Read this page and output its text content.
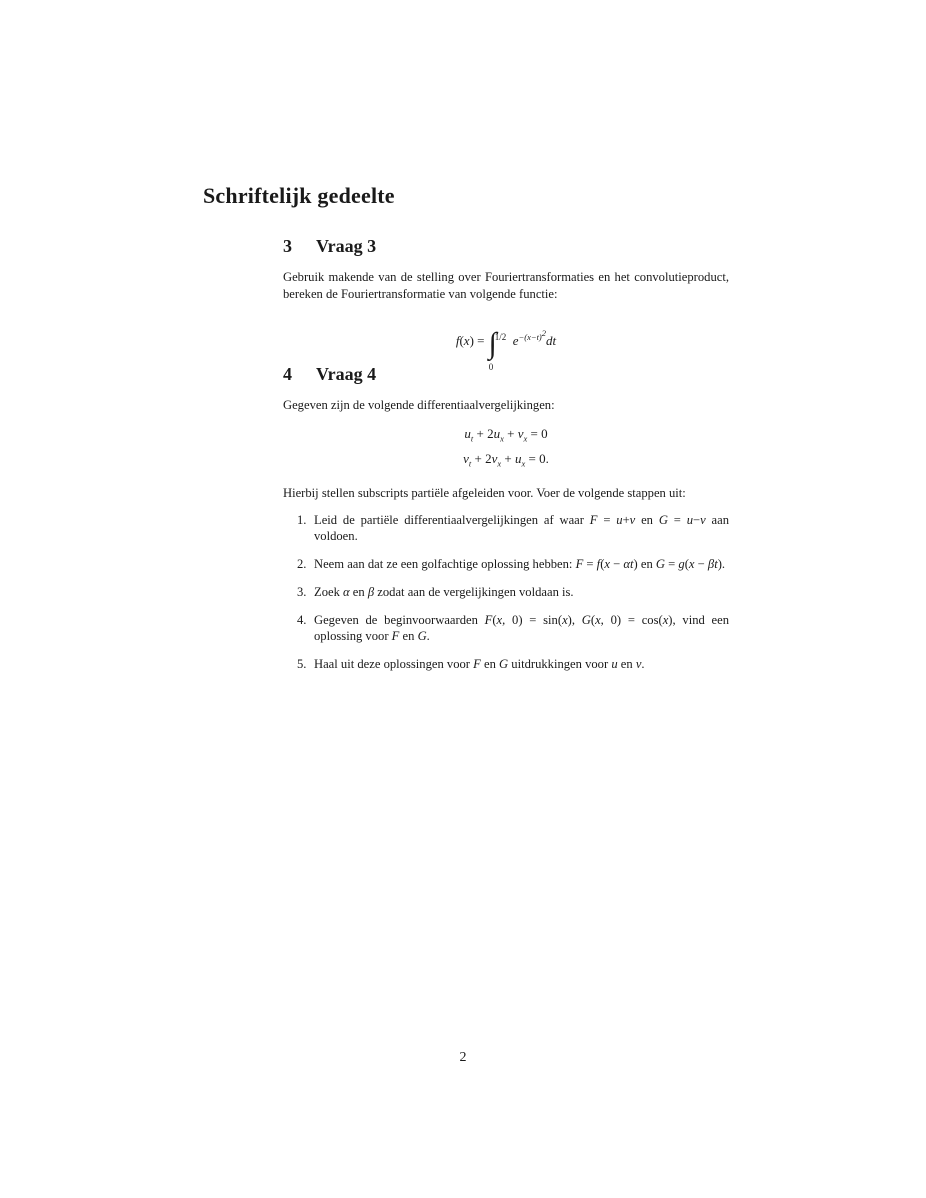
Schriftelijk gedeelte
3 Vraag 3

Gebruik makende van de stelling over Fouriertransformaties en het convolutieproduct, bereken de Fouriertransformatie van volgende functie:

f(x) = ∫
1/2
0
$e^{-(x-t)^2}dt$
4 Vraag 4

Gegeven zijn de volgende differentiaalvergelijkingen:

$u_t + 2u_x + v_x = 0$
$v_t + 2v_x + u_x = 0$.

Hierbij stellen subscripts partiële afgeleiden voor. Voer de volgende stappen uit:

1. Leid de partiële differentiaalvergelijkingen af waar F = u+v en G = u−v aan voldoen.
2. Neem aan dat ze een golfachtige oplossing hebben: F = f(x − αt) en G = g(x − βt).
3. Zoek α en β zodat aan de vergelijkingen voldaan is.
4. Gegeven de beginvoorwaarden F(x, 0) = sin(x), G(x, 0) = cos(x), vind een oplossing voor F en G.
5. Haal uit deze oplossingen voor F en G uitdrukkingen voor u en v.
2
